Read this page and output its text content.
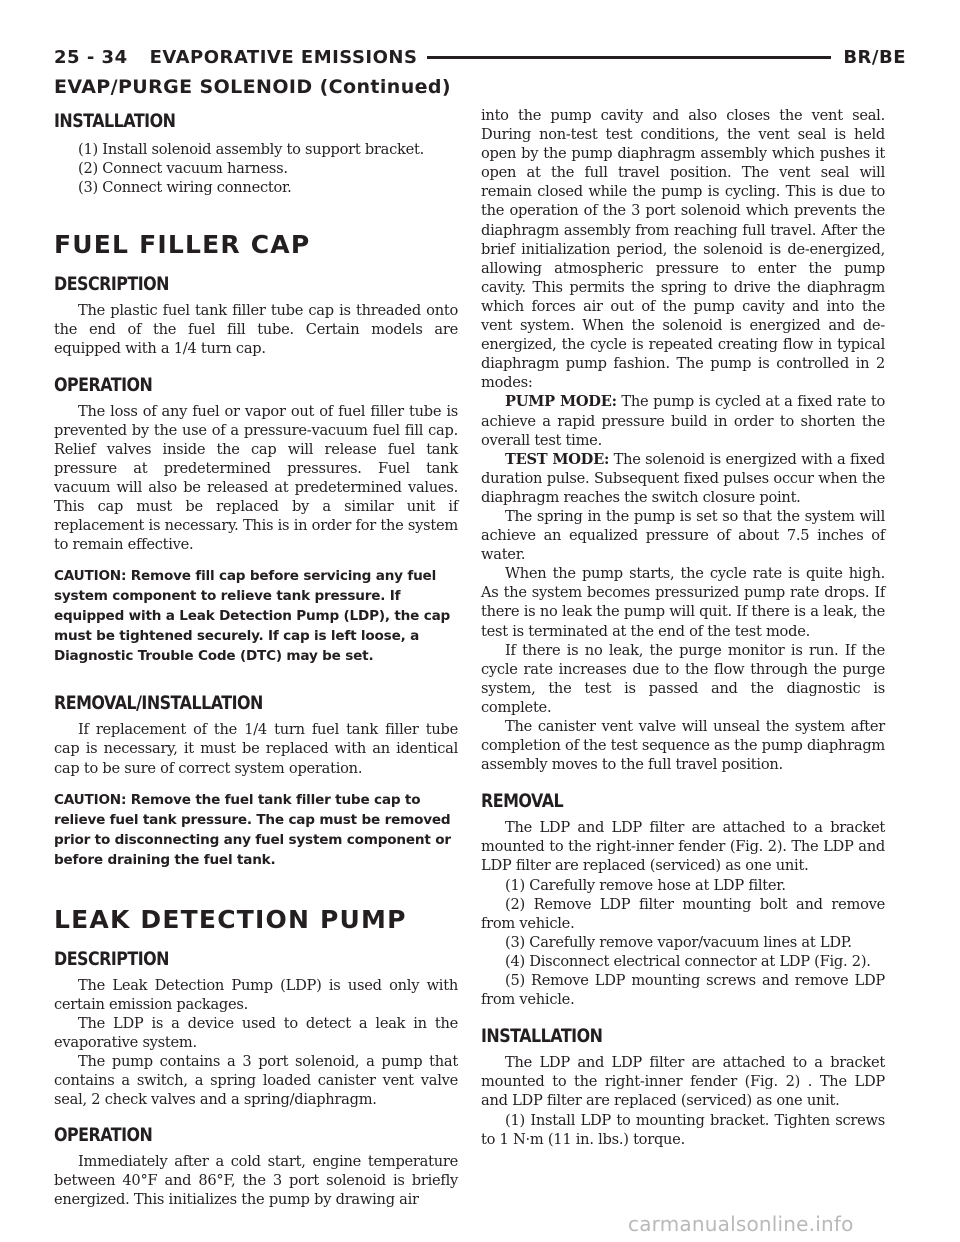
25 - 34 EVAPORATIVE EMISSIONS	BR/BE
EVAP/PURGE SOLENOID (Continued)
INSTALLATION

(1) Install solenoid assembly to support bracket.

(2) Connect vacuum harness.

(3) Connect wiring connector.

FUEL FILLER CAP
DESCRIPTION

The plastic fuel tank filler tube cap is threaded onto the end of the fuel fill tube. Certain models are equipped with a 1/4 turn cap.

OPERATION

The loss of any fuel or vapor out of fuel filler tube is prevented by the use of a pressure-vacuum fuel fill cap. Relief valves inside the cap will release fuel tank pressure at predetermined pressures. Fuel tank vacuum will also be released at predetermined values. This cap must be replaced by a similar unit if replacement is necessary. This is in order for the system to remain effective.

CAUTION: Remove fill cap before servicing any fuel system component to relieve tank pressure. If equipped with a Leak Detection Pump (LDP), the cap must be tightened securely. If cap is left loose, a Diagnostic Trouble Code (DTC) may be set.

REMOVAL/INSTALLATION

If replacement of the 1/4 turn fuel tank filler tube cap is necessary, it must be replaced with an identical cap to be sure of correct system operation.

CAUTION: Remove the fuel tank filler tube cap to relieve fuel tank pressure. The cap must be removed prior to disconnecting any fuel system component or before draining the fuel tank.

LEAK DETECTION PUMP
DESCRIPTION

The Leak Detection Pump (LDP) is used only with certain emission packages.

The LDP is a device used to detect a leak in the evaporative system.

The pump contains a 3 port solenoid, a pump that contains a switch, a spring loaded canister vent valve seal, 2 check valves and a spring/diaphragm.

OPERATION

Immediately after a cold start, engine temperature between 40°F and 86°F, the 3 port solenoid is briefly energized. This initializes the pump by drawing air

into the pump cavity and also closes the vent seal. During non-test test conditions, the vent seal is held open by the pump diaphragm assembly which pushes it open at the full travel position. The vent seal will remain closed while the pump is cycling. This is due to the operation of the 3 port solenoid which prevents the diaphragm assembly from reaching full travel. After the brief initialization period, the solenoid is de-energized, allowing atmospheric pressure to enter the pump cavity. This permits the spring to drive the diaphragm which forces air out of the pump cavity and into the vent system. When the solenoid is energized and de-energized, the cycle is repeated creating flow in typical diaphragm pump fashion. The pump is controlled in 2 modes:

PUMP MODE: The pump is cycled at a fixed rate to achieve a rapid pressure build in order to shorten the overall test time.

TEST MODE: The solenoid is energized with a fixed duration pulse. Subsequent fixed pulses occur when the diaphragm reaches the switch closure point.

The spring in the pump is set so that the system will achieve an equalized pressure of about 7.5 inches of water.

When the pump starts, the cycle rate is quite high. As the system becomes pressurized pump rate drops. If there is no leak the pump will quit. If there is a leak, the test is terminated at the end of the test mode.

If there is no leak, the purge monitor is run. If the cycle rate increases due to the flow through the purge system, the test is passed and the diagnostic is complete.

The canister vent valve will unseal the system after completion of the test sequence as the pump diaphragm assembly moves to the full travel position.

REMOVAL

The LDP and LDP filter are attached to a bracket mounted to the right-inner fender (Fig. 2). The LDP and LDP filter are replaced (serviced) as one unit.

(1) Carefully remove hose at LDP filter.

(2) Remove LDP filter mounting bolt and remove from vehicle.

(3) Carefully remove vapor/vacuum lines at LDP.

(4) Disconnect electrical connector at LDP (Fig. 2).

(5) Remove LDP mounting screws and remove LDP from vehicle.

INSTALLATION

The LDP and LDP filter are attached to a bracket mounted to the right-inner fender (Fig. 2) . The LDP and LDP filter are replaced (serviced) as one unit.

(1) Install LDP to mounting bracket. Tighten screws to 1 N·m (11 in. lbs.) torque.

carmanualsonline.info
